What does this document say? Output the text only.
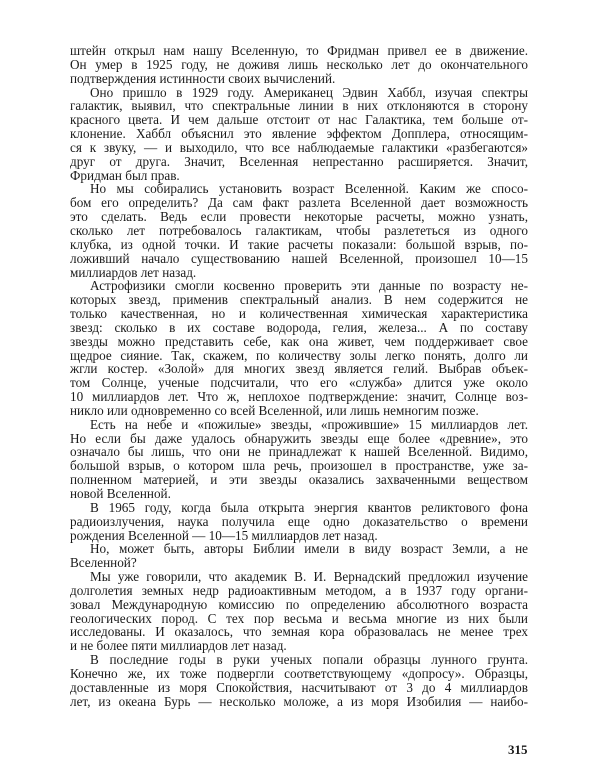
штейн открыл нам нашу Вселенную, то Фридман привел ее в движение.
Он умер в 1925 году, не доживя лишь несколько лет до окончательного
подтверждения истинности своих вычислений.
Оно пришло в 1929 году. Американец Эдвин Хаббл, изучая спектры
галактик, выявил, что спектральные линии в них отклоняются в сторону
красного цвета. И чем дальше отстоит от нас Галактика, тем больше от-
клонение. Хаббл объяснил это явление эффектом Допплера, относящим-
ся к звуку, — и выходило, что все наблюдаемые галактики «разбегаются»
друг от друга. Значит, Вселенная непрестанно расширяется. Значит,
Фридман был прав.
Но мы собирались установить возраст Вселенной. Каким же спосо-
бом его определить? Да сам факт разлета Вселенной дает возможность
это сделать. Ведь если провести некоторые расчеты, можно узнать,
сколько лет потребовалось галактикам, чтобы разлететься из одного
клубка, из одной точки. И такие расчеты показали: большой взрыв, по-
ложивший начало существованию нашей Вселенной, произошел 10—15
миллиардов лет назад.
Астрофизики смогли косвенно проверить эти данные по возрасту не-
которых звезд, применив спектральный анализ. В нем содержится не
только качественная, но и количественная химическая характеристика
звезд: сколько в их составе водорода, гелия, железа... А по составу
звезды можно представить себе, как она живет, чем поддерживает свое
щедрое сияние. Так, скажем, по количеству золы легко понять, долго ли
жгли костер. «Золой» для многих звезд является гелий. Выбрав объек-
том Солнце, ученые подсчитали, что его «служба» длится уже около
10 миллиардов лет. Что ж, неплохое подтверждение: значит, Солнце воз-
никло или одновременно со всей Вселенной, или лишь немногим позже.
Есть на небе и «пожилые» звезды, «прожившие» 15 миллиардов лет.
Но если бы даже удалось обнаружить звезды еще более «древние», это
означало бы лишь, что они не принадлежат к нашей Вселенной. Видимо,
большой взрыв, о котором шла речь, произошел в пространстве, уже за-
полненном материей, и эти звезды оказались захваченными веществом
новой Вселенной.
В 1965 году, когда была открыта энергия квантов реликтового фона
радиоизлучения, наука получила еще одно доказательство о времени
рождения Вселенной — 10—15 миллиардов лет назад.
Но, может быть, авторы Библии имели в виду возраст Земли, а не
Вселенной?
Мы уже говорили, что академик В. И. Вернадский предложил изучение
долголетия земных недр радиоактивным методом, а в 1937 году органи-
зовал Международную комиссию по определению абсолютного возраста
геологических пород. С тех пор весьма и весьма многие из них были
исследованы. И оказалось, что земная кора образовалась не менее трех
и не более пяти миллиардов лет назад.
В последние годы в руки ученых попали образцы лунного грунта.
Конечно же, их тоже подвергли соответствующему «допросу». Образцы,
доставленные из моря Спокойствия, насчитывают от 3 до 4 миллиардов
лет, из океана Бурь — несколько моложе, а из моря Изобилия — наибо-
315
